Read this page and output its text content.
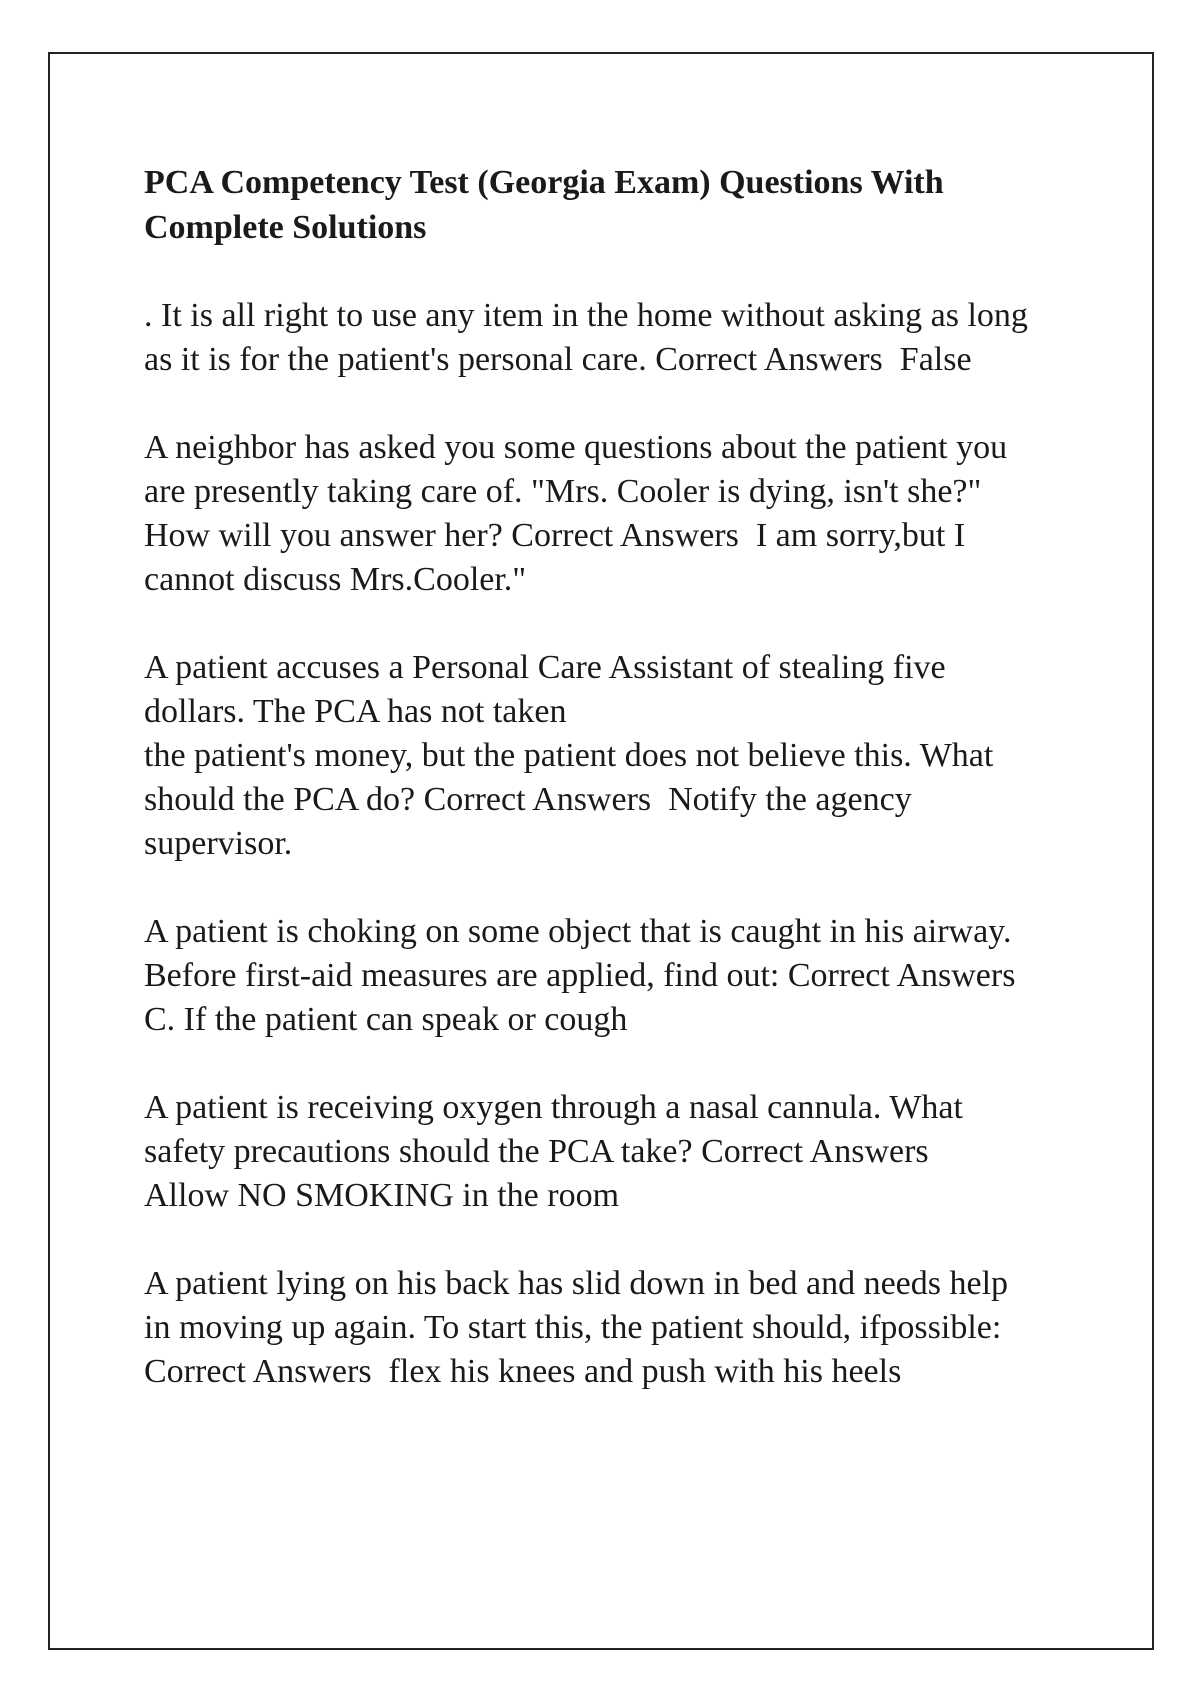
PCA Competency Test (Georgia Exam) Questions With
Complete Solutions
. It is all right to use any item in the home without asking as long
as it is for the patient's personal care. Correct Answers  False
A neighbor has asked you some questions about the patient you
are presently taking care of. "Mrs. Cooler is dying, isn't she?"
How will you answer her? Correct Answers  I am sorry,but I
cannot discuss Mrs.Cooler."
A patient accuses a Personal Care Assistant of stealing five
dollars. The PCA has not taken
the patient's money, but the patient does not believe this. What
should the PCA do? Correct Answers  Notify the agency
supervisor.
A patient is choking on some object that is caught in his airway.
Before first-aid measures are applied, find out: Correct Answers
C. If the patient can speak or cough
A patient is receiving oxygen through a nasal cannula. What
safety precautions should the PCA take? Correct Answers
Allow NO SMOKING in the room
A patient lying on his back has slid down in bed and needs help
in moving up again. To start this, the patient should, ifpossible:
Correct Answers  flex his knees and push with his heels
